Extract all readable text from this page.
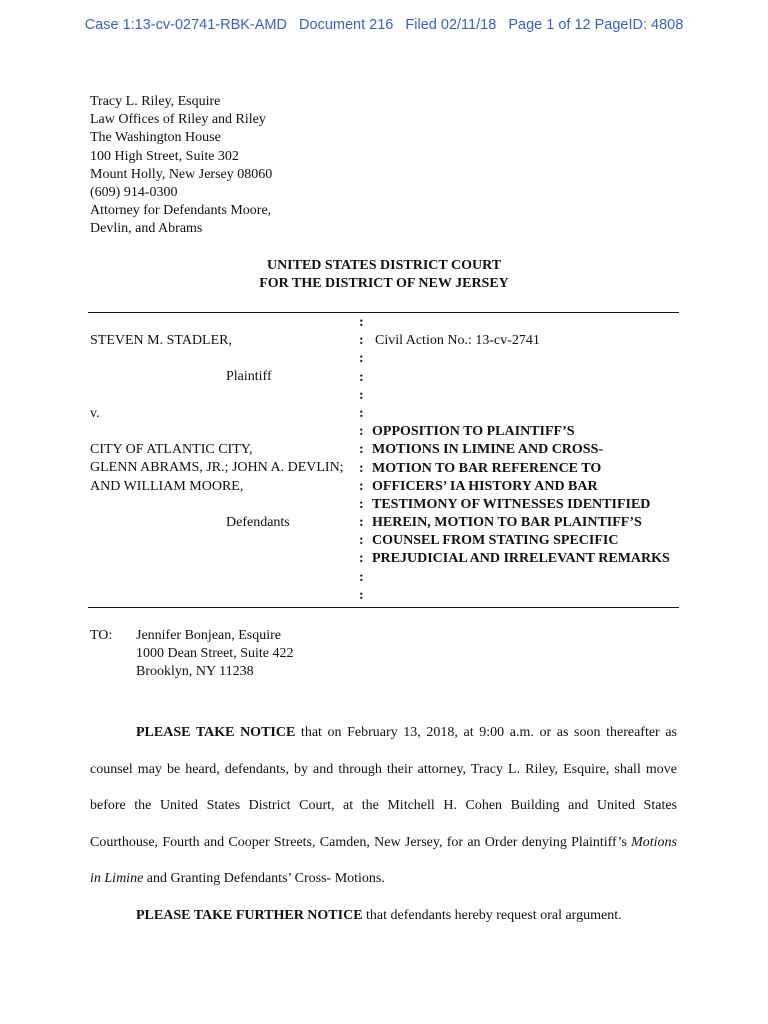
Case 1:13-cv-02741-RBK-AMD   Document 216   Filed 02/11/18   Page 1 of 12 PageID: 4808
Tracy L. Riley, Esquire
Law Offices of Riley and Riley
The Washington House
100 High Street, Suite 302
Mount Holly, New Jersey 08060
(609) 914-0300
Attorney for Defendants Moore,
Devlin, and Abrams
UNITED STATES DISTRICT COURT
FOR THE DISTRICT OF NEW JERSEY
STEVEN M. STADLER,
Plaintiff
v.
CITY OF ATLANTIC CITY,
GLENN ABRAMS, JR.; JOHN A. DEVLIN;
AND WILLIAM MOORE,
Defendants
:
:
:
:
:
:
:
:
:
:
:
:
:
:
:
:
Civil Action No.: 13-cv-2741
OPPOSITION TO PLAINTIFF’S
MOTIONS IN LIMINE AND CROSS-
MOTION TO BAR REFERENCE TO
OFFICERS’ IA HISTORY AND BAR
TESTIMONY OF WITNESSES IDENTIFIED
HEREIN, MOTION TO BAR PLAINTIFF’S
COUNSEL FROM STATING SPECIFIC
PREJUDICIAL AND IRRELEVANT REMARKS
TO: Jennifer Bonjean, Esquire
1000 Dean Street, Suite 422
Brooklyn, NY 11238

PLEASE TAKE NOTICE that on February 13, 2018, at 9:00 a.m. or as soon thereafter as counsel may be heard, defendants, by and through their attorney, Tracy L. Riley, Esquire, shall move before the United States District Court, at the Mitchell H. Cohen Building and United States Courthouse, Fourth and Cooper Streets, Camden, New Jersey, for an Order denying Plaintiff’s Motions in Limine and Granting Defendants’ Cross- Motions.

PLEASE TAKE FURTHER NOTICE that defendants hereby request oral argument.
